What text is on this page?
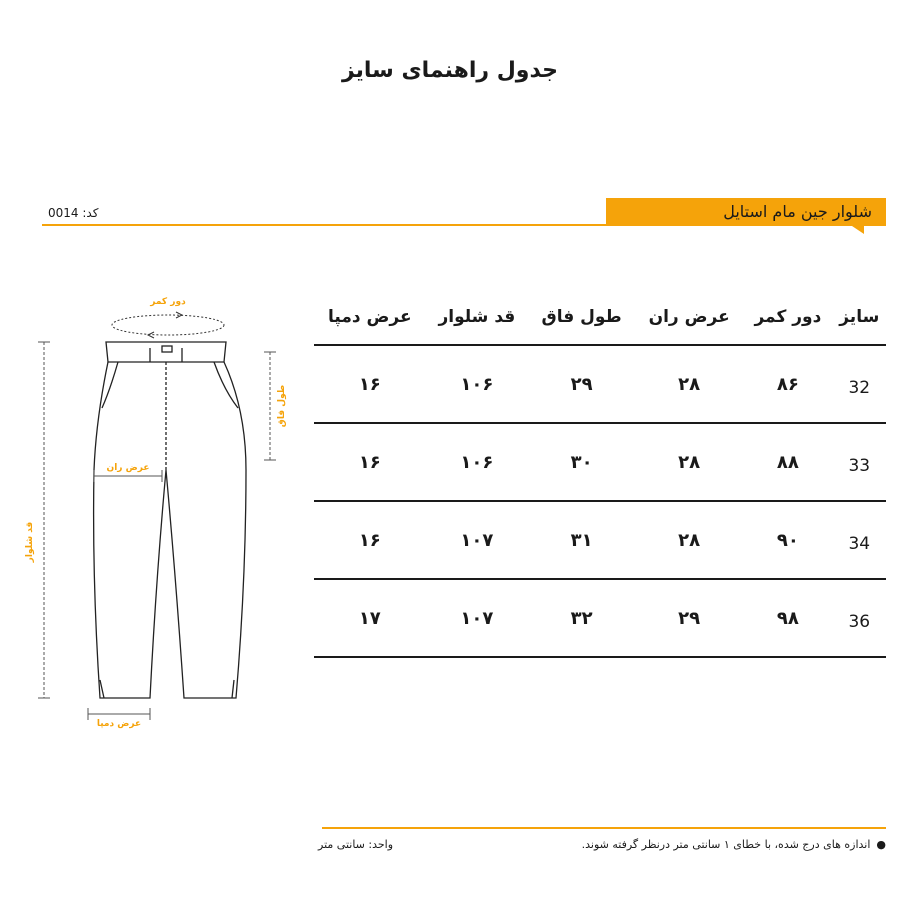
جدول راهنمای سایز
شلوار جین مام استایل
کد: 0014
دور کمر
طول فاق
عرض ران
قد شلوار
عرض دمپا
سایز	دور کمر	عرض ران	طول فاق	قد شلوار	عرض دمپا
32	۸۶	۲۸	۲۹	۱۰۶	۱۶
33	۸۸	۲۸	۳۰	۱۰۶	۱۶
34	۹۰	۲۸	۳۱	۱۰۷	۱۶
36	۹۸	۲۹	۳۲	۱۰۷	۱۷
●اندازه های درج شده، با خطای ۱ سانتی متر درنظر گرفته شوند.
واحد: سانتی متر
